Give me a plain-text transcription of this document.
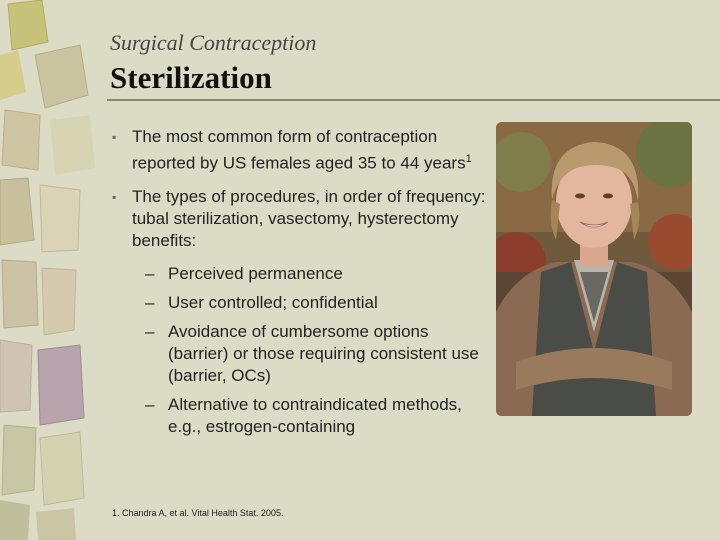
Surgical Contraception
Sterilization
▪ The most common form of contraception reported by US females aged 35 to 44 years$^1$
▪ The types of procedures, in order of frequency: tubal sterilization, vasectomy, hysterectomy benefits:
– Perceived permanence
– User controlled; confidential
– Avoidance of cumbersome options (barrier) or those requiring consistent use (barrier, OCs)
– Alternative to contraindicated methods, e.g., estrogen-containing
1. Chandra A, et al. Vital Health Stat. 2005.
